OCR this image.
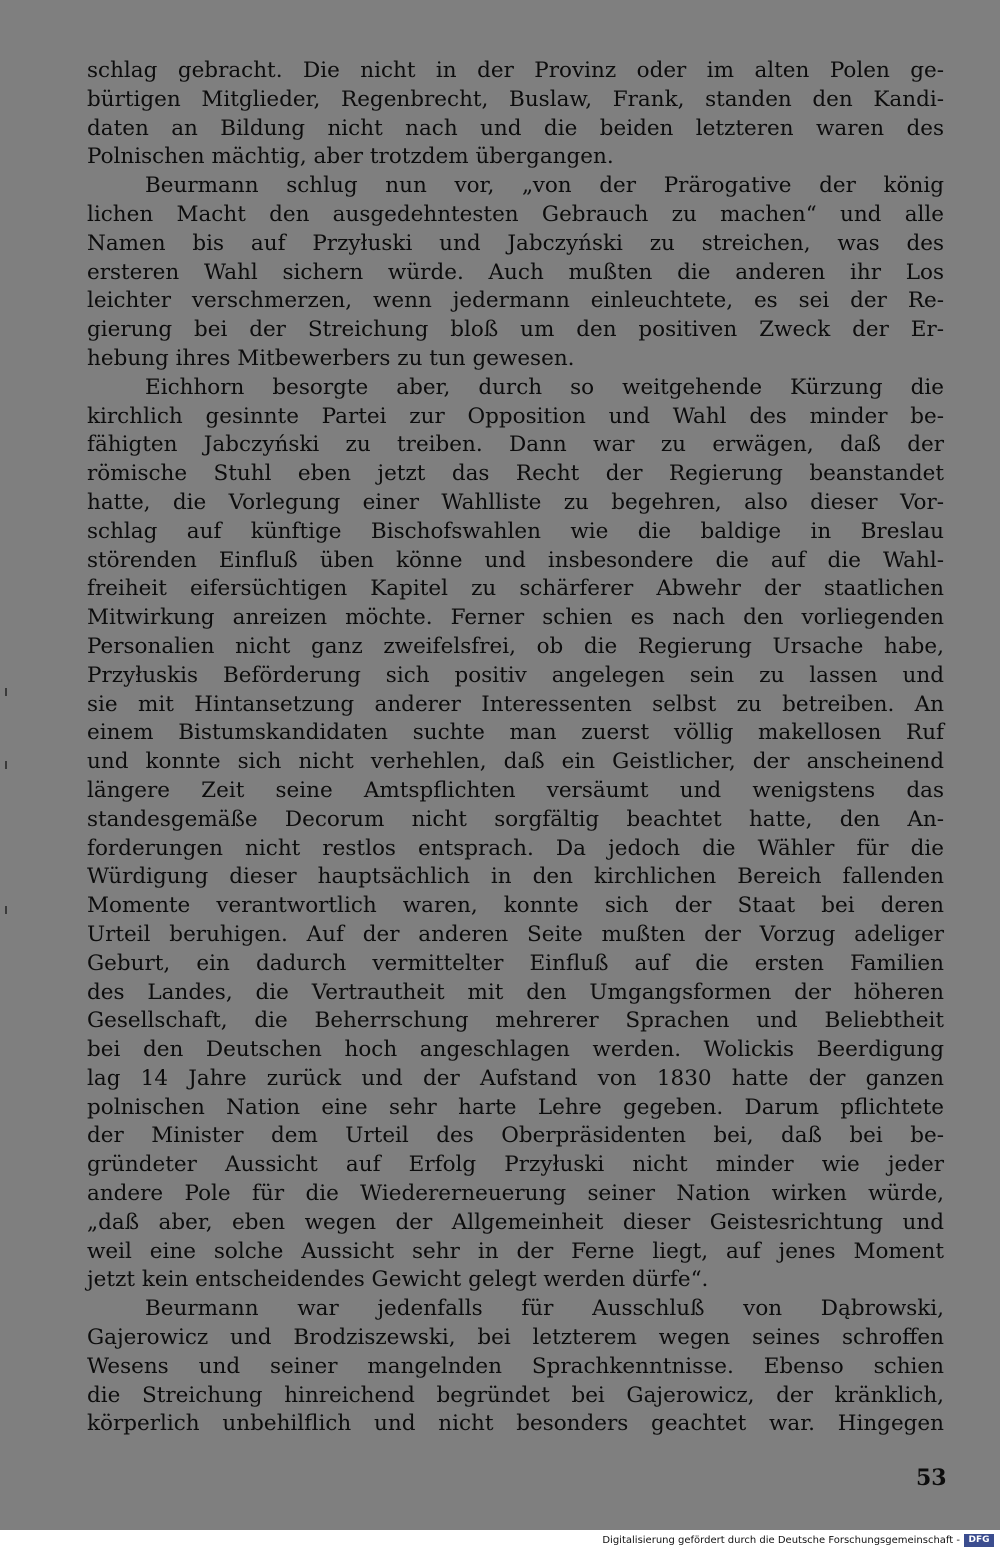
schlag gebracht. Die nicht in der Provinz oder im alten Polen ge-
bürtigen Mitglieder, Regenbrecht, Buslaw, Frank, standen den Kandi-
daten an Bildung nicht nach und die beiden letzteren waren des
Polnischen mächtig, aber trotzdem übergangen.
Beurmann schlug nun vor, „von der Prärogative der könig
lichen Macht den ausgedehntesten Gebrauch zu machen“ und alle
Namen bis auf Przyłuski und Jabczyński zu streichen, was des
ersteren Wahl sichern würde. Auch mußten die anderen ihr Los
leichter verschmerzen, wenn jedermann einleuchtete, es sei der Re-
gierung bei der Streichung bloß um den positiven Zweck der Er-
hebung ihres Mitbewerbers zu tun gewesen.
Eichhorn besorgte aber, durch so weitgehende Kürzung die
kirchlich gesinnte Partei zur Opposition und Wahl des minder be-
fähigten Jabczyński zu treiben. Dann war zu erwägen, daß der
römische Stuhl eben jetzt das Recht der Regierung beanstandet
hatte, die Vorlegung einer Wahlliste zu begehren, also dieser Vor-
schlag auf künftige Bischofswahlen wie die baldige in Breslau
störenden Einfluß üben könne und insbesondere die auf die Wahl-
freiheit eifersüchtigen Kapitel zu schärferer Abwehr der staatlichen
Mitwirkung anreizen möchte. Ferner schien es nach den vorliegenden
Personalien nicht ganz zweifelsfrei, ob die Regierung Ursache habe,
Przyłuskis Beförderung sich positiv angelegen sein zu lassen und
sie mit Hintansetzung anderer Interessenten selbst zu betreiben. An
einem Bistumskandidaten suchte man zuerst völlig makellosen Ruf
und konnte sich nicht verhehlen, daß ein Geistlicher, der anscheinend
längere Zeit seine Amtspflichten versäumt und wenigstens das
standesgemäße Decorum nicht sorgfältig beachtet hatte, den An-
forderungen nicht restlos entsprach. Da jedoch die Wähler für die
Würdigung dieser hauptsächlich in den kirchlichen Bereich fallenden
Momente verantwortlich waren, konnte sich der Staat bei deren
Urteil beruhigen. Auf der anderen Seite mußten der Vorzug adeliger
Geburt, ein dadurch vermittelter Einfluß auf die ersten Familien
des Landes, die Vertrautheit mit den Umgangsformen der höheren
Gesellschaft, die Beherrschung mehrerer Sprachen und Beliebtheit
bei den Deutschen hoch angeschlagen werden. Wolickis Beerdigung
lag 14 Jahre zurück und der Aufstand von 1830 hatte der ganzen
polnischen Nation eine sehr harte Lehre gegeben. Darum pflichtete
der Minister dem Urteil des Oberpräsidenten bei, daß bei be-
gründeter Aussicht auf Erfolg Przyłuski nicht minder wie jeder
andere Pole für die Wiedererneuerung seiner Nation wirken würde,
„daß aber, eben wegen der Allgemeinheit dieser Geistesrichtung und
weil eine solche Aussicht sehr in der Ferne liegt, auf jenes Moment
jetzt kein entscheidendes Gewicht gelegt werden dürfe“.
Beurmann war jedenfalls für Ausschluß von Dąbrowski,
Gajerowicz und Brodziszewski, bei letzterem wegen seines schroffen
Wesens und seiner mangelnden Sprachkenntnisse. Ebenso schien
die Streichung hinreichend begründet bei Gajerowicz, der kränklich,
körperlich unbehilflich und nicht besonders geachtet war. Hingegen
53
Digitalisierung gefördert durch die Deutsche Forschungsgemeinschaft - DFG
